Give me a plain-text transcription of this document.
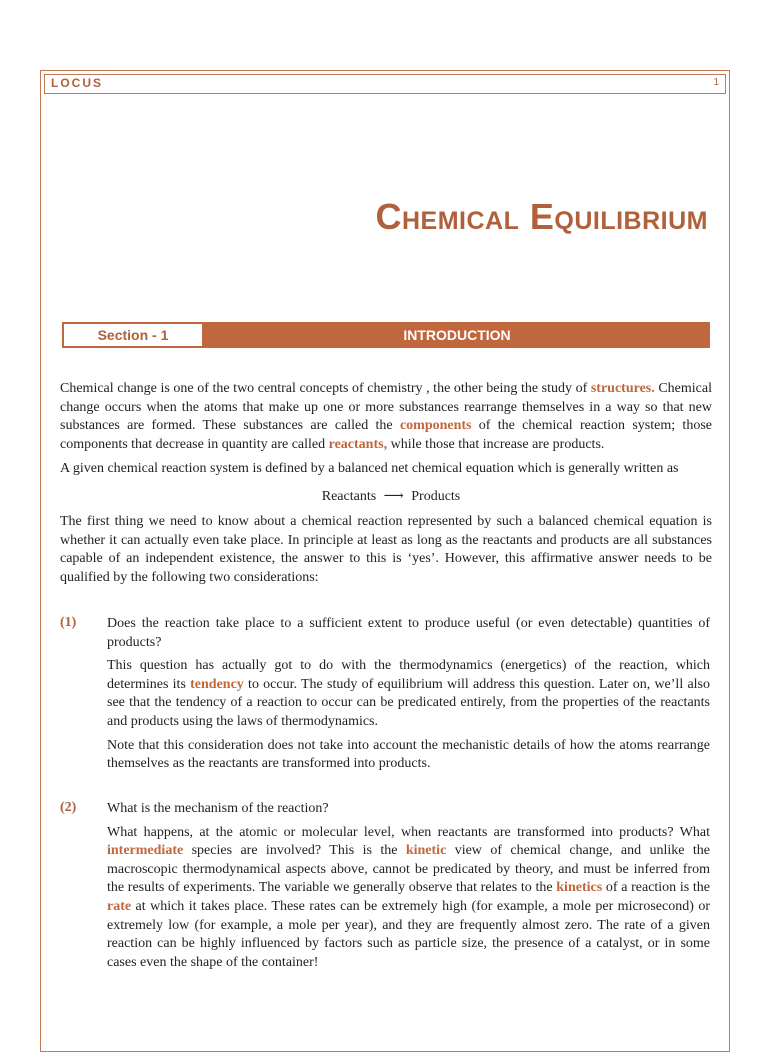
LOCUS	1
Chemical Equilibrium
Section - 1	INTRODUCTION

Chemical change is one of the two central concepts of chemistry , the other being the study of structures. Chemical change occurs when the atoms that make up one or more substances rearrange themselves in a way so that new substances are formed. These substances are called the components of the chemical reaction system; those components that decrease in quantity are called reactants, while those that increase are products.

A given chemical reaction system is defined by a balanced net chemical equation which is generally written as
Reactants ⟶ Products
The first thing we need to know about a chemical reaction represented by such a balanced chemical equation is whether it can actually even take place. In principle at least as long as the reactants and products are all substances capable of an independent existence, the answer to this is ‘yes’. However, this affirmative answer needs to be qualified by the following two considerations:
(1) Does the reaction take place to a sufficient extent to produce useful (or even detectable) quantities of products?

This question has actually got to do with the thermodynamics (energetics) of the reaction, which determines its tendency to occur. The study of equilibrium will address this question. Later on, we’ll also see that the tendency of a reaction to occur can be predicated entirely, from the properties of the reactants and products using the laws of thermodynamics.

Note that this consideration does not take into account the mechanistic details of how the atoms rearrange themselves as the reactants are transformed into products.

(2) What is the mechanism of the reaction?

What happens, at the atomic or molecular level, when reactants are transformed into products? What intermediate species are involved? This is the kinetic view of chemical change, and unlike the macroscopic thermodynamical aspects above, cannot be predicated by theory, and must be inferred from the results of experiments. The variable we generally observe that relates to the kinetics of a reaction is the rate at which it takes place. These rates can be extremely high (for example, a mole per microsecond) or extremely low (for example, a mole per year), and they are frequently almost zero. The rate of a given reaction can be highly influenced by factors such as particle size, the presence of a catalyst, or in some cases even the shape of the container!
